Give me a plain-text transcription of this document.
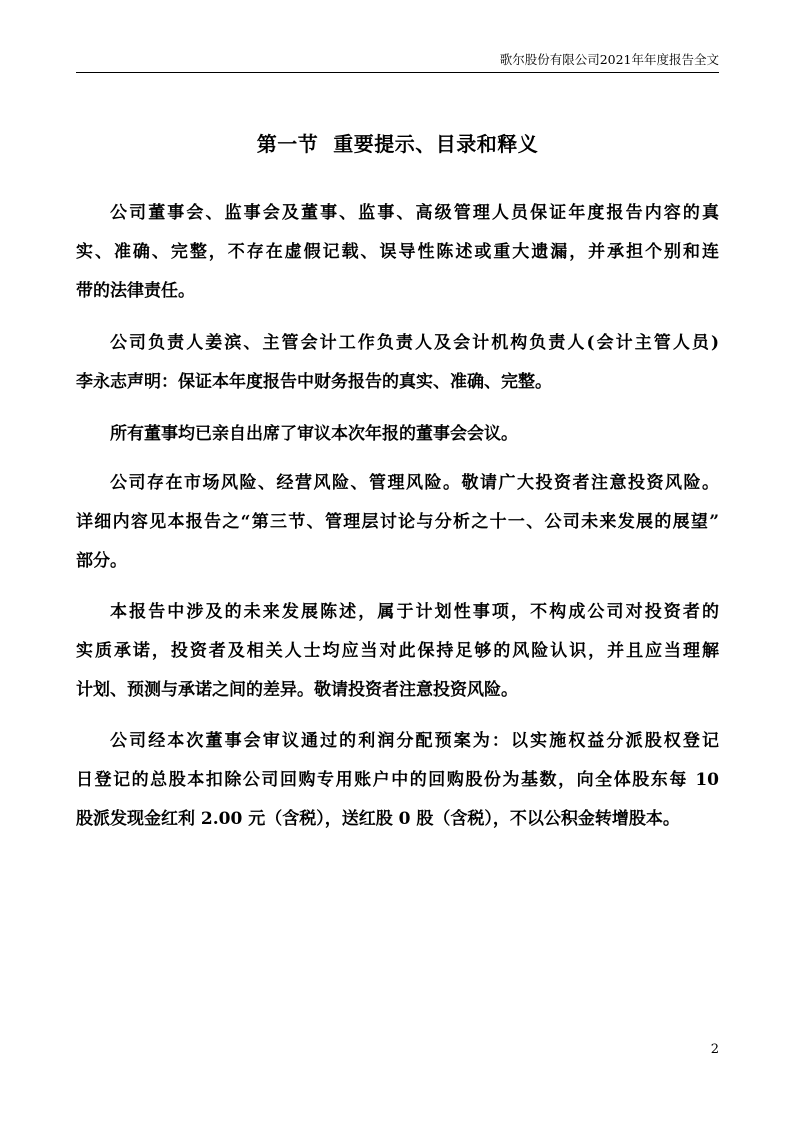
歌尔股份有限公司2021年年度报告全文
第一节  重要提示、目录和释义
公司董事会、监事会及董事、监事、高级管理人员保证年度报告内容的真
实、准确、完整，不存在虚假记载、误导性陈述或重大遗漏，并承担个别和连
带的法律责任。
公司负责人姜滨、主管会计工作负责人及会计机构负责人(会计主管人员)
李永志声明：保证本年度报告中财务报告的真实、准确、完整。
所有董事均已亲自出席了审议本次年报的董事会会议。
公司存在市场风险、经营风险、管理风险。敬请广大投资者注意投资风险。
详细内容见本报告之“第三节、管理层讨论与分析之十一、公司未来发展的展望”
部分。
本报告中涉及的未来发展陈述，属于计划性事项，不构成公司对投资者的
实质承诺，投资者及相关人士均应当对此保持足够的风险认识，并且应当理解
计划、预测与承诺之间的差异。敬请投资者注意投资风险。
公司经本次董事会审议通过的利润分配预案为：以实施权益分派股权登记
日登记的总股本扣除公司回购专用账户中的回购股份为基数，向全体股东每 10
股派发现金红利 2.00 元（含税），送红股 0 股（含税），不以公积金转增股本。
2
